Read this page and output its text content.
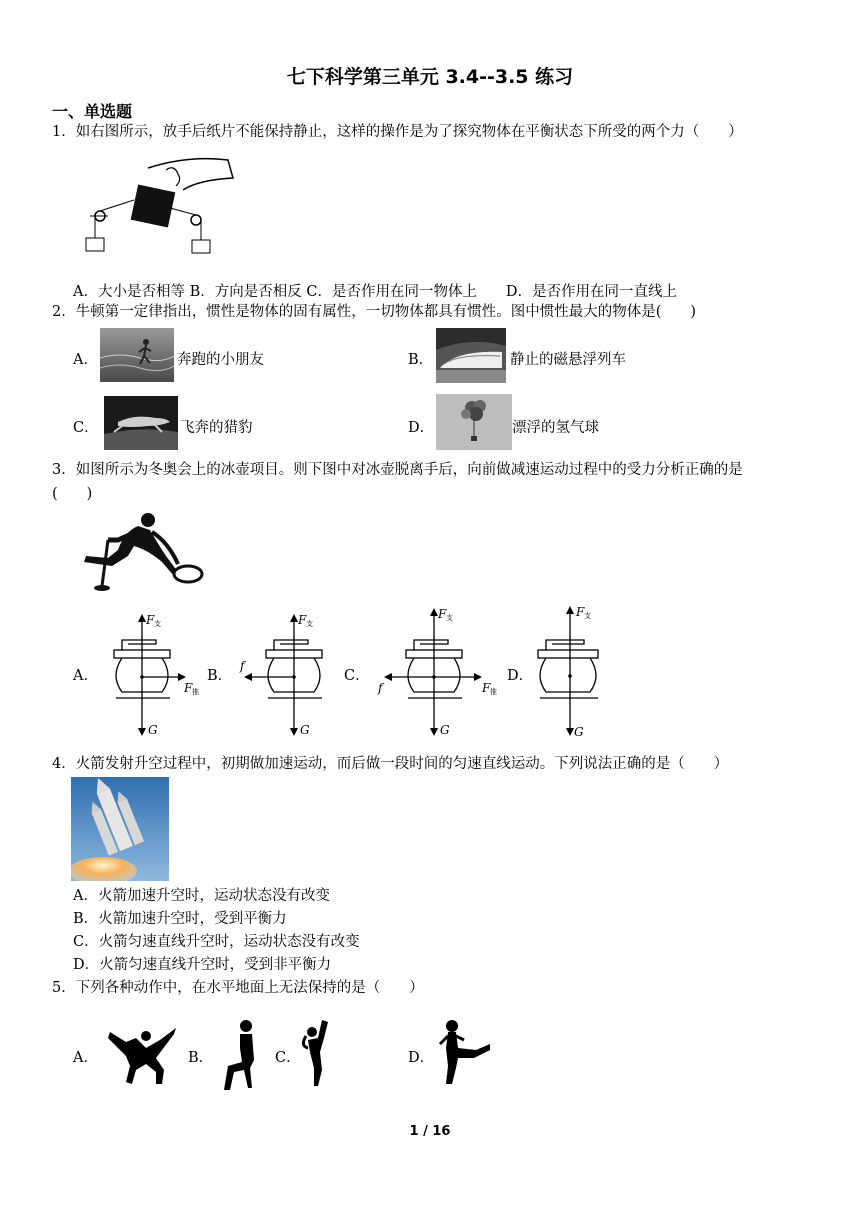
七下科学第三单元 3.4--3.5 练习
一、单选题
1．如右图所示，放手后纸片不能保持静止，这样的操作是为了探究物体在平衡状态下所受的两个力（　　）
A．大小是否相等 B．方向是否相反 C．是否作用在同一物体上　　D．是否作用在同一直线上
2．牛顿第一定律指出，惯性是物体的固有属性，一切物体都具有惯性。图中惯性最大的物体是(　　)
A．	奔跑的小朋友	B．	静止的磁悬浮列车
C．	飞奔的猎豹	D．	漂浮的氢气球
3．如图所示为冬奥会上的冰壶项目。则下图中对冰壶脱离手后，向前做减速运动过程中的受力分析正确的是
(　　)
A．
F 支
G
F 推
B．
F 支
G
f
C．
F 支
G
f	F 推
D．
F 支
G
4．火箭发射升空过程中，初期做加速运动，而后做一段时间的匀速直线运动。下列说法正确的是（　　）
A．火箭加速升空时，运动状态没有改变
B．火箭加速升空时，受到平衡力
C．火箭匀速直线升空时，运动状态没有改变
D．火箭匀速直线升空时，受到非平衡力
5．下列各种动作中，在水平地面上无法保持的是（　　）
A．	B．	C．	D．
1 / 16
